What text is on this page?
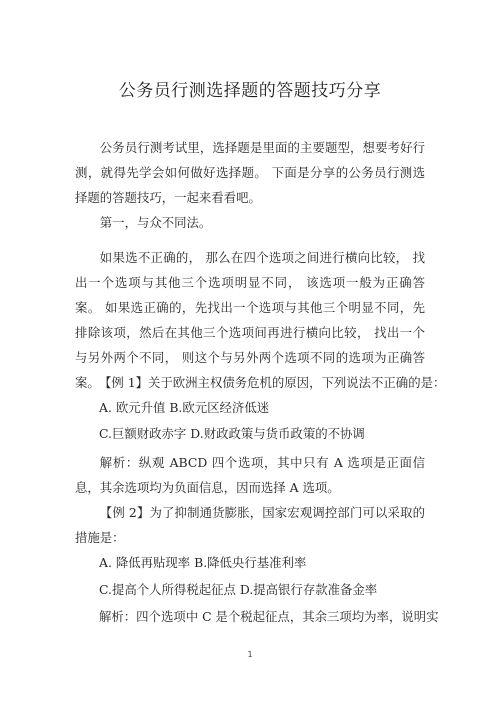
公务员行测选择题的答题技巧分享

公务员行测考试里，选择题是里面的主要题型，想要考好行测，就得先学会如何做好选择题。 下面是分享的公务员行测选择题的答题技巧，一起来看看吧。

第一，与众不同法。

如果选不正确的， 那么在四个选项之间进行横向比较， 找出一个选项与其他三个选项明显不同， 该选项一般为正确答案。 如果选正确的，先找出一个选项与其他三个明显不同，先排除该项，然后在其他三个选项间再进行横向比较， 找出一个与另外两个不同， 则这个与另外两个选项不同的选项为正确答案。 【例 1】关于欧洲主权债务危机的原因，下列说法不正确的是：

A. 欧元升值 B.欧元区经济低迷

C.巨额财政赤字 D.财政政策与货币政策的不协调

解析：纵观 ABCD 四个选项，其中只有 A 选项是正面信息，其余选项均为负面信息，因而选择 A 选项。

【例 2】为了抑制通货膨胀，国家宏观调控部门可以采取的措施是：

A. 降低再贴现率 B.降低央行基准利率

C.提高个人所得税起征点 D.提高银行存款准备金率

解析：四个选项中 C 是个税起征点，其余三项均为率，说明实

1
